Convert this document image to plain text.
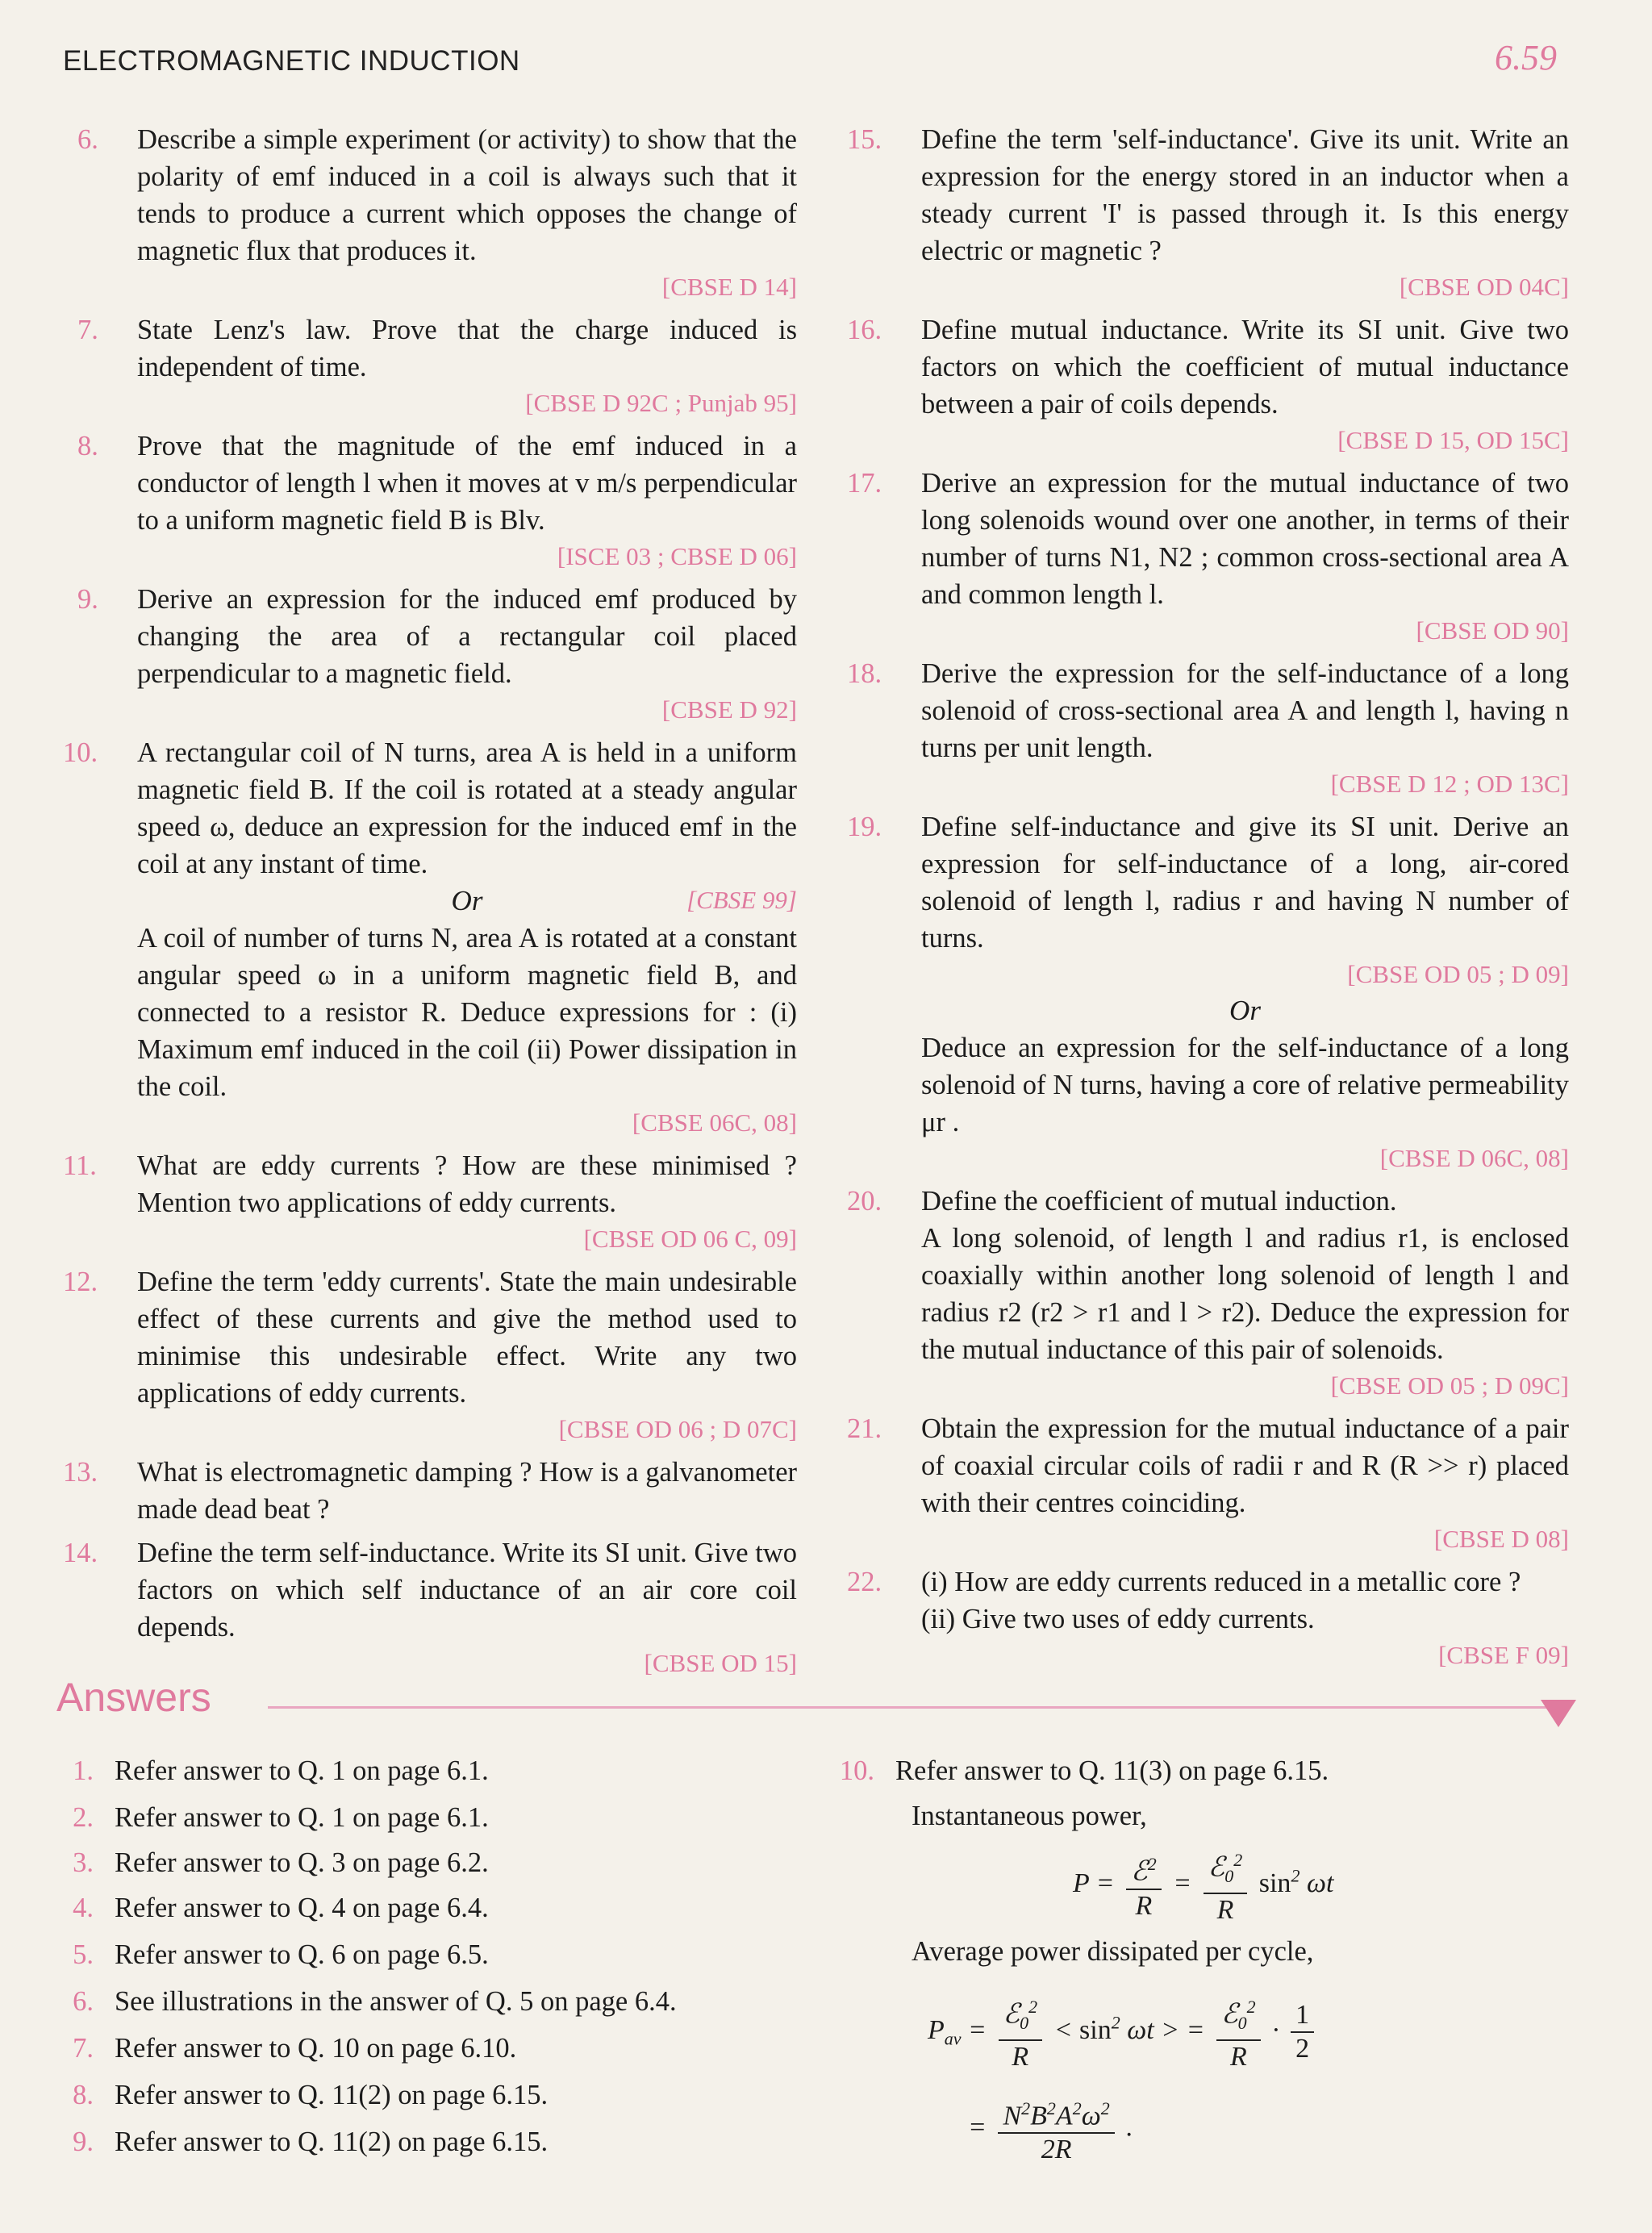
ELECTROMAGNETIC INDUCTION	6.59
6.	Describe a simple experiment (or activity) to show that the polarity of emf induced in a coil is always such that it tends to produce a current which opposes the change of magnetic flux that produces it.

[CBSE D 14]
7.	State Lenz's law. Prove that the charge induced is independent of time.

[CBSE D 92C ; Punjab 95]
8.	Prove that the magnitude of the emf induced in a conductor of length l when it moves at v m/s perpendicular to a uniform magnetic field B is Blv.

[ISCE 03 ; CBSE D 06]
9.	Derive an expression for the induced emf produced by changing the area of a rectangular coil placed perpendicular to a magnetic field.

[CBSE D 92]
10.	A rectangular coil of N turns, area A is held in a uniform magnetic field B. If the coil is rotated at a steady angular speed ω, deduce an expression for the induced emf in the coil at any instant of time.

Or	[CBSE 99]

A coil of number of turns N, area A is rotated at a constant angular speed ω in a uniform magnetic field B, and connected to a resistor R. Deduce expressions for : (i) Maximum emf induced in the coil (ii) Power dissipation in the coil.

[CBSE 06C, 08]
11.	What are eddy currents ? How are these minimised ? Mention two applications of eddy currents.

[CBSE OD 06 C, 09]
12.	Define the term 'eddy currents'. State the main undesirable effect of these currents and give the method used to minimise this undesirable effect. Write any two applications of eddy currents.

[CBSE OD 06 ; D 07C]
13.	What is electromagnetic damping ? How is a galvanometer made dead beat ?

14.	Define the term self-inductance. Write its SI unit. Give two factors on which self inductance of an air core coil depends.

[CBSE OD 15]
15.	Define the term 'self-inductance'. Give its unit. Write an expression for the energy stored in an inductor when a steady current 'I' is passed through it. Is this energy electric or magnetic ?

[CBSE OD 04C]
16.	Define mutual inductance. Write its SI unit. Give two factors on which the coefficient of mutual inductance between a pair of coils depends.

[CBSE D 15, OD 15C]
17.	Derive an expression for the mutual inductance of two long solenoids wound over one another, in terms of their number of turns N1, N2 ; common cross-sectional area A and common length l.

[CBSE OD 90]
18.	Derive the expression for the self-inductance of a long solenoid of cross-sectional area A and length l, having n turns per unit length.

[CBSE D 12 ; OD 13C]
19.	Define self-inductance and give its SI unit. Derive an expression for self-inductance of a long, air-cored solenoid of length l, radius r and having N number of turns.

[CBSE OD 05 ; D 09]
Or

Deduce an expression for the self-inductance of a long solenoid of N turns, having a core of relative permeability μr .

[CBSE D 06C, 08]
20.	Define the coefficient of mutual induction.

A long solenoid, of length l and radius r1, is enclosed coaxially within another long solenoid of length l and radius r2 (r2 > r1 and l > r2). Deduce the expression for the mutual inductance of this pair of solenoids.

[CBSE OD 05 ; D 09C]
21.	Obtain the expression for the mutual inductance of a pair of coaxial circular coils of radii r and R (R >> r) placed with their centres coinciding.

[CBSE D 08]
22.	(i) How are eddy currents reduced in a metallic core ?

(ii) Give two uses of eddy currents.

[CBSE F 09]
Answers
1. Refer answer to Q. 1 on page 6.1.
2. Refer answer to Q. 1 on page 6.1.
3. Refer answer to Q. 3 on page 6.2.
4. Refer answer to Q. 4 on page 6.4.
5. Refer answer to Q. 6 on page 6.5.
6. See illustrations in the answer of Q. 5 on page 6.4.
7. Refer answer to Q. 10 on page 6.10.
8. Refer answer to Q. 11(2) on page 6.15.
9. Refer answer to Q. 11(2) on page 6.15.
10. Refer answer to Q. 11(3) on page 6.15.
Instantaneous power,
$P = \frac{ℰ^2}{R} = \frac{ℰ_0^2}{R} \sin^2 \omega t$
Average power dissipated per cycle,
$P_{av} = \frac{ℰ_0^2}{R} < \sin^2 \omega t$ > = $\frac{ℰ_0^2}{R} \cdot \frac{1}{2}$
= $\frac{N^2B^2A^2\omega^2}{2R}$ .
